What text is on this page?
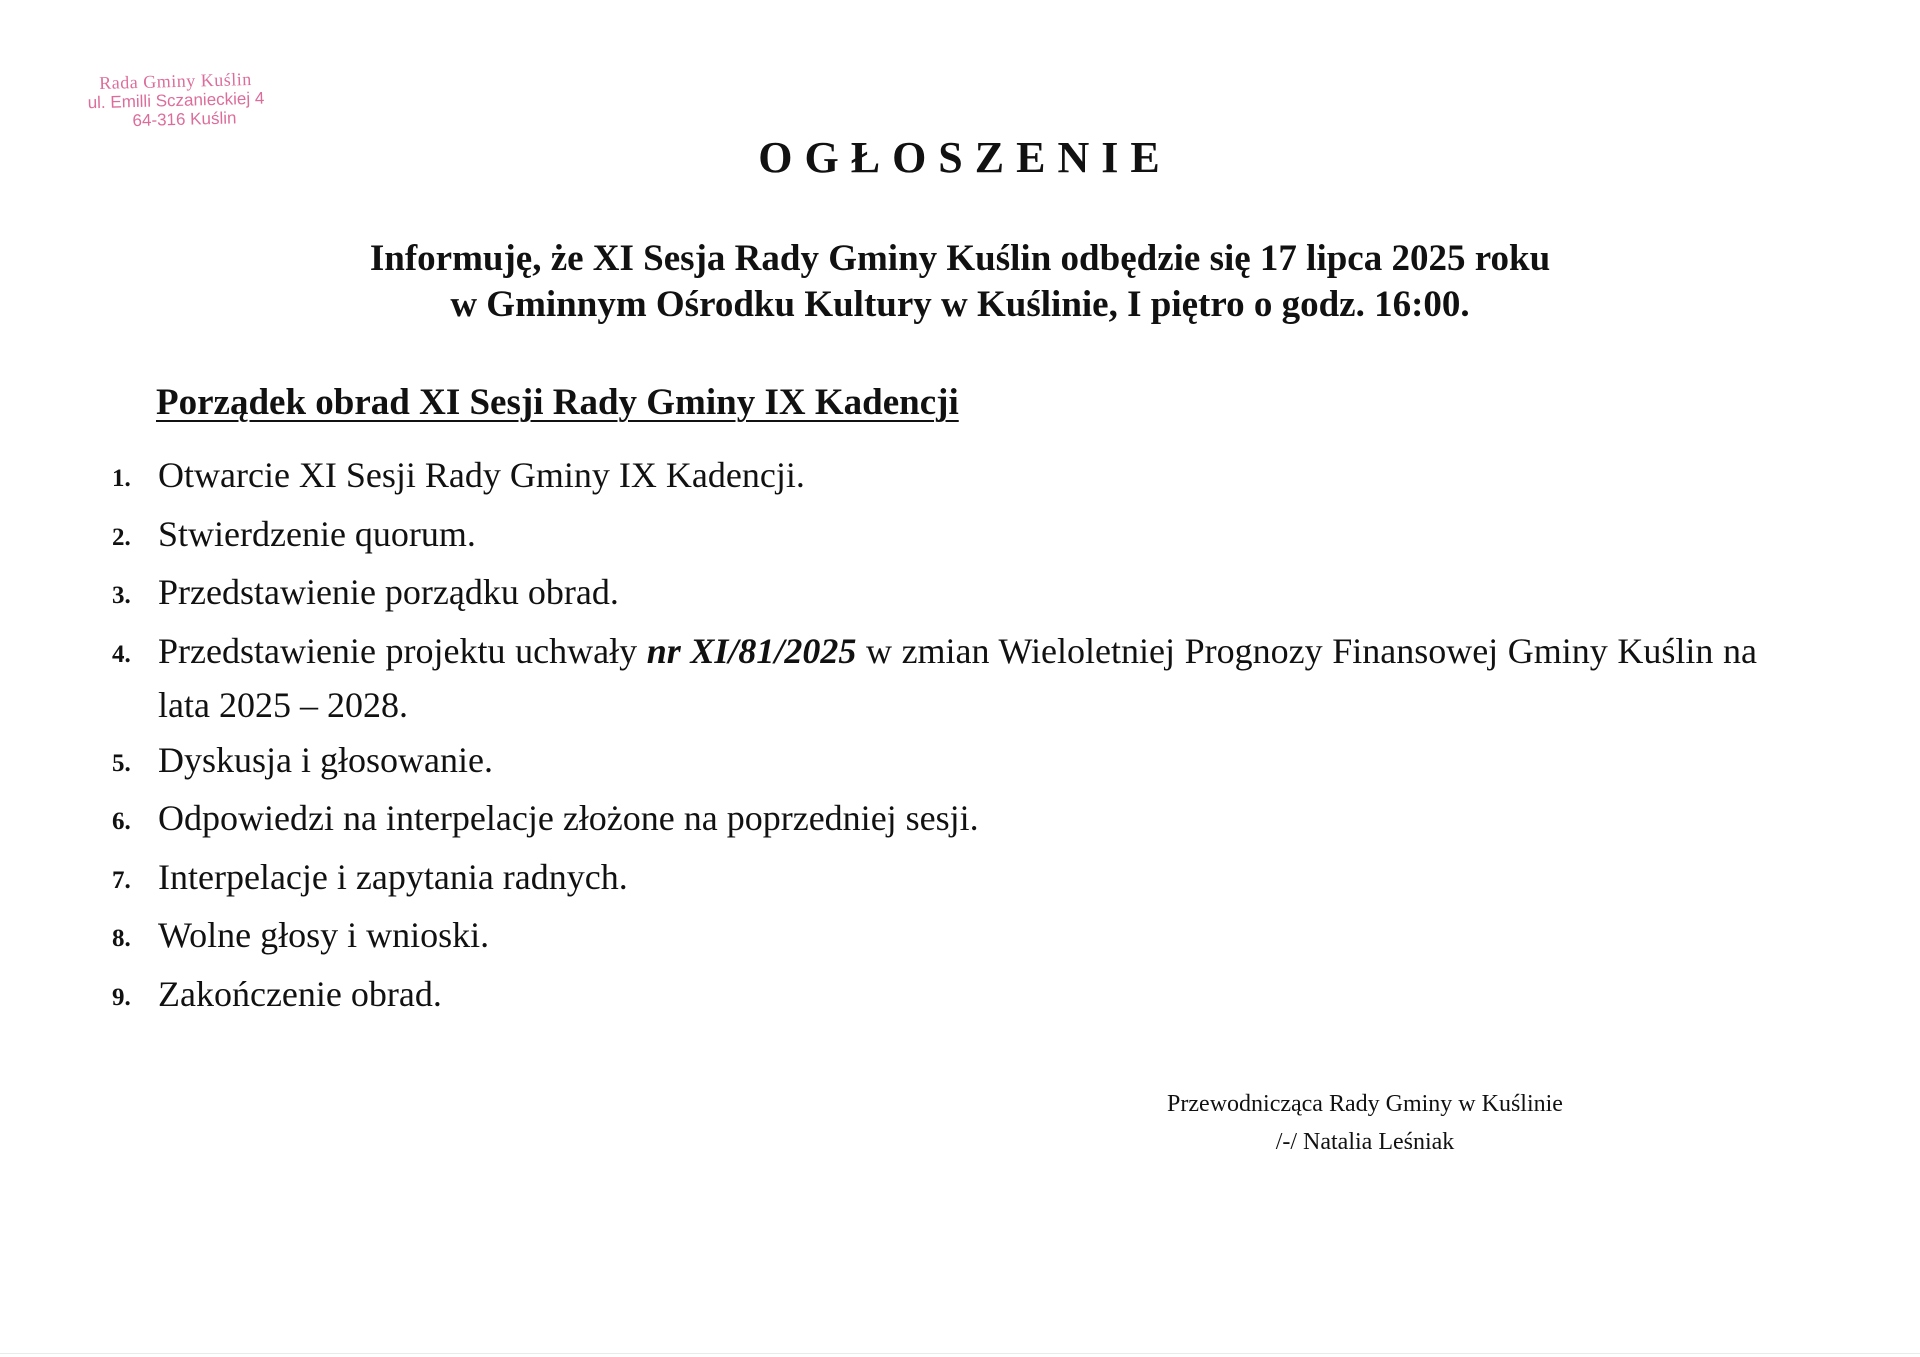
Rada Gminy Kuślin
ul. Emilli Sczanieckiej 4
64-316 Kuślin
OGŁOSZENIE
Informuję, że XI Sesja Rady Gminy Kuślin odbędzie się 17 lipca 2025 roku
w Gminnym Ośrodku Kultury w Kuślinie, I piętro o godz. 16:00.
Porządek obrad XI Sesji Rady Gminy IX Kadencji
1. Otwarcie XI Sesji Rady Gminy IX Kadencji.
2. Stwierdzenie quorum.
3. Przedstawienie porządku obrad.
4. Przedstawienie projektu uchwały nr XI/81/2025 w zmian Wieloletniej Prognozy Finansowej Gminy Kuślin na lata 2025 – 2028.
5. Dyskusja i głosowanie.
6. Odpowiedzi na interpelacje złożone na poprzedniej sesji.
7. Interpelacje i zapytania radnych.
8. Wolne głosy i wnioski.
9. Zakończenie obrad.
Przewodnicząca Rady Gminy w Kuślinie
/-/ Natalia Leśniak
